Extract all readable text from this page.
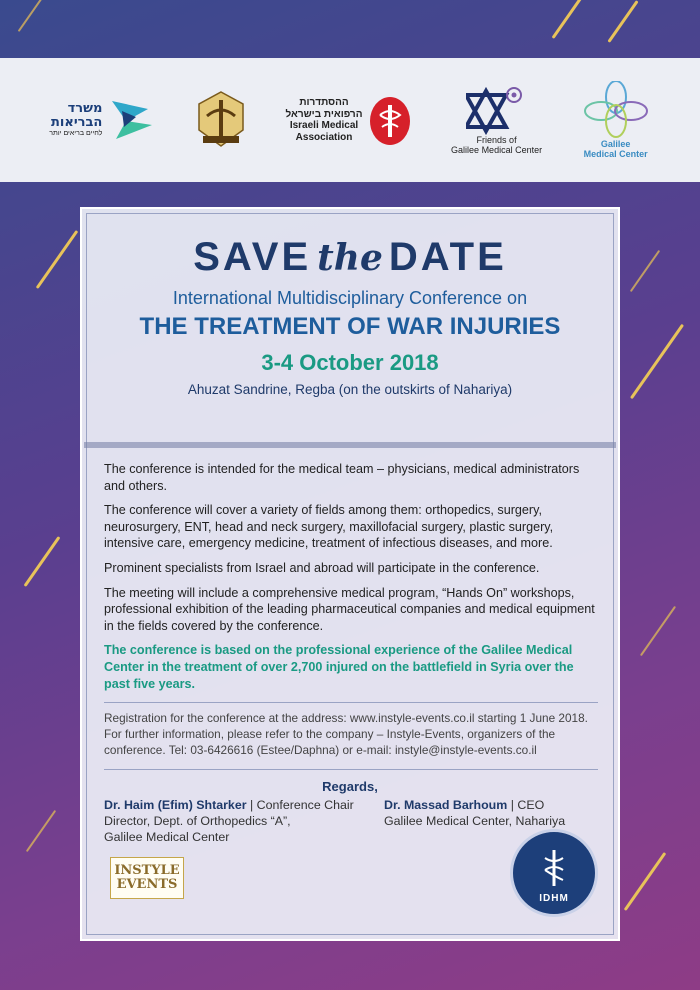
משרד
הבריאות
לחיים בריאים יותר
ההסתדרות
הרפואית בישראל
Israeli Medical
Association	Friends of
Galilee Medical Center
Galilee
Medical Center
SAVE the DATE
International Multidisciplinary Conference on
THE TREATMENT OF WAR INJURIES
3-4 October 2018
Ahuzat Sandrine, Regba (on the outskirts of Nahariya)

The conference is intended for the medical team – physicians, medical administrators and others.

The conference will cover a variety of fields among them: orthopedics, surgery, neurosurgery, ENT, head and neck surgery, maxillofacial surgery, plastic surgery, intensive care, emergency medicine, treatment of infectious diseases, and more.

Prominent specialists from Israel and abroad will participate in the conference.

The meeting will include a comprehensive medical program, “Hands On” workshops, professional exhibition of the leading pharmaceutical companies and medical equipment in the fields covered by the conference.

The conference is based on the professional experience of the Galilee Medical Center in the treatment of over 2,700 injured on the battlefield in Syria over the past five years.

Registration for the conference at the address: www.instyle-events.co.il starting 1 June 2018. For further information, please refer to the company – Instyle-Events, organizers of the conference. Tel: 03-6426616 (Estee/Daphna) or e-mail: instyle@instyle-events.co.il
Regards,
Dr. Haim (Efim) Shtarker | Conference Chair
Director, Dept. of Orthopedics “A”,
Galilee Medical Center
Dr. Massad Barhoum | CEO
Galilee Medical Center, Nahariya
INSTYLE
EVENTS
IDHM
